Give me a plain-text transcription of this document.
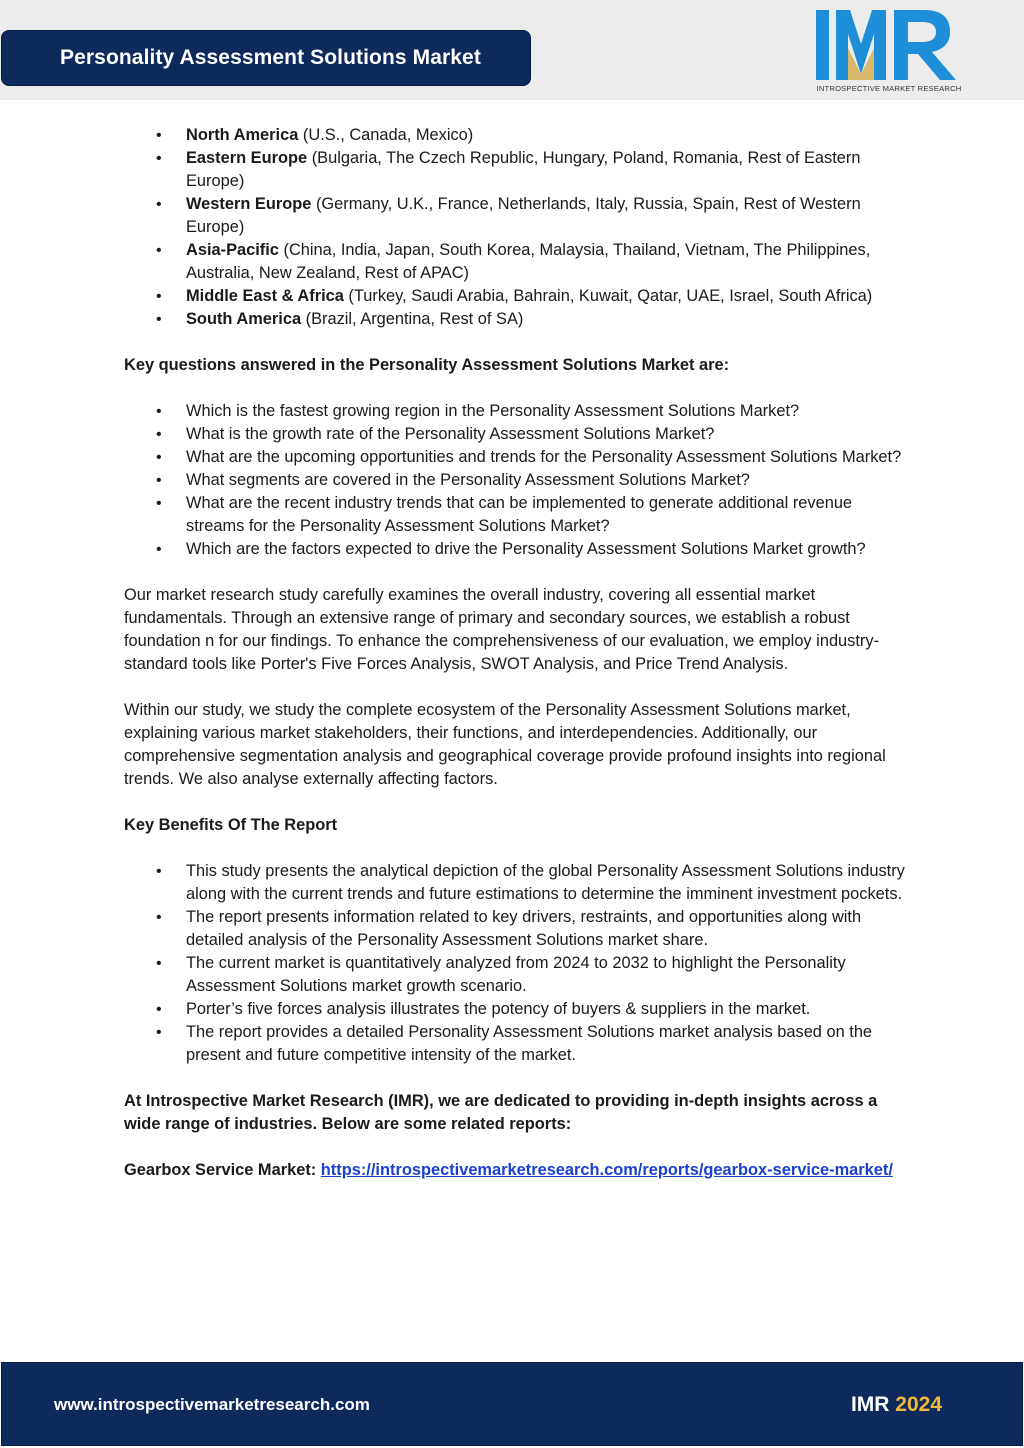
Personality Assessment Solutions Market
INTROSPECTIVE MARKET RESEARCH
• North America (U.S., Canada, Mexico)
• Eastern Europe (Bulgaria, The Czech Republic, Hungary, Poland, Romania, Rest of Eastern Europe)
• Western Europe (Germany, U.K., France, Netherlands, Italy, Russia, Spain, Rest of Western Europe)
• Asia-Pacific (China, India, Japan, South Korea, Malaysia, Thailand, Vietnam, The Philippines, Australia, New Zealand, Rest of APAC)
• Middle East & Africa (Turkey, Saudi Arabia, Bahrain, Kuwait, Qatar, UAE, Israel, South Africa)
• South America (Brazil, Argentina, Rest of SA)

Key questions answered in the Personality Assessment Solutions Market are:

• Which is the fastest growing region in the Personality Assessment Solutions Market?
• What is the growth rate of the Personality Assessment Solutions Market?
• What are the upcoming opportunities and trends for the Personality Assessment Solutions Market?
• What segments are covered in the Personality Assessment Solutions Market?
• What are the recent industry trends that can be implemented to generate additional revenue streams for the Personality Assessment Solutions Market?
• Which are the factors expected to drive the Personality Assessment Solutions Market growth?

Our market research study carefully examines the overall industry, covering all essential market fundamentals. Through an extensive range of primary and secondary sources, we establish a robust foundation n for our findings. To enhance the comprehensiveness of our evaluation, we employ industry-standard tools like Porter's Five Forces Analysis, SWOT Analysis, and Price Trend Analysis.

Within our study, we study the complete ecosystem of the Personality Assessment Solutions market, explaining various market stakeholders, their functions, and interdependencies. Additionally, our comprehensive segmentation analysis and geographical coverage provide profound insights into regional trends. We also analyse externally affecting factors.

Key Benefits Of The Report

• This study presents the analytical depiction of the global Personality Assessment Solutions industry along with the current trends and future estimations to determine the imminent investment pockets.
• The report presents information related to key drivers, restraints, and opportunities along with detailed analysis of the Personality Assessment Solutions market share.
• The current market is quantitatively analyzed from 2024 to 2032 to highlight the Personality Assessment Solutions market growth scenario.
• Porter’s five forces analysis illustrates the potency of buyers & suppliers in the market.
• The report provides a detailed Personality Assessment Solutions market analysis based on the present and future competitive intensity of the market.

At Introspective Market Research (IMR), we are dedicated to providing in-depth insights across a wide range of industries. Below are some related reports:

Gearbox Service Market: https://introspectivemarketresearch.com/reports/gearbox-service-market/

www.introspectivemarketresearch.com	IMR 2024
